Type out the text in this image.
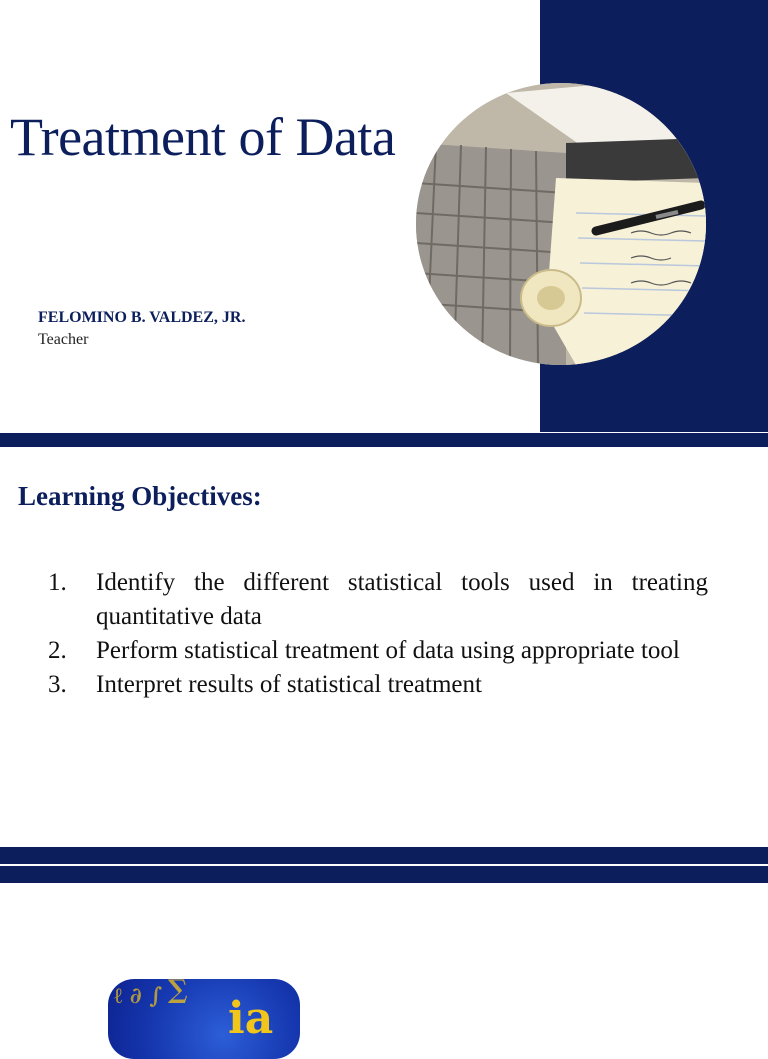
Treatment of Data
FELOMINO B. VALDEZ, JR.
Teacher
Learning Objectives:
1.	Identify the different statistical tools used in treating quantitative data
2.	Perform statistical treatment of data using appropriate tool
3.	Interpret results of statistical treatment
ℓ ∂ ∫ ∑
ia
